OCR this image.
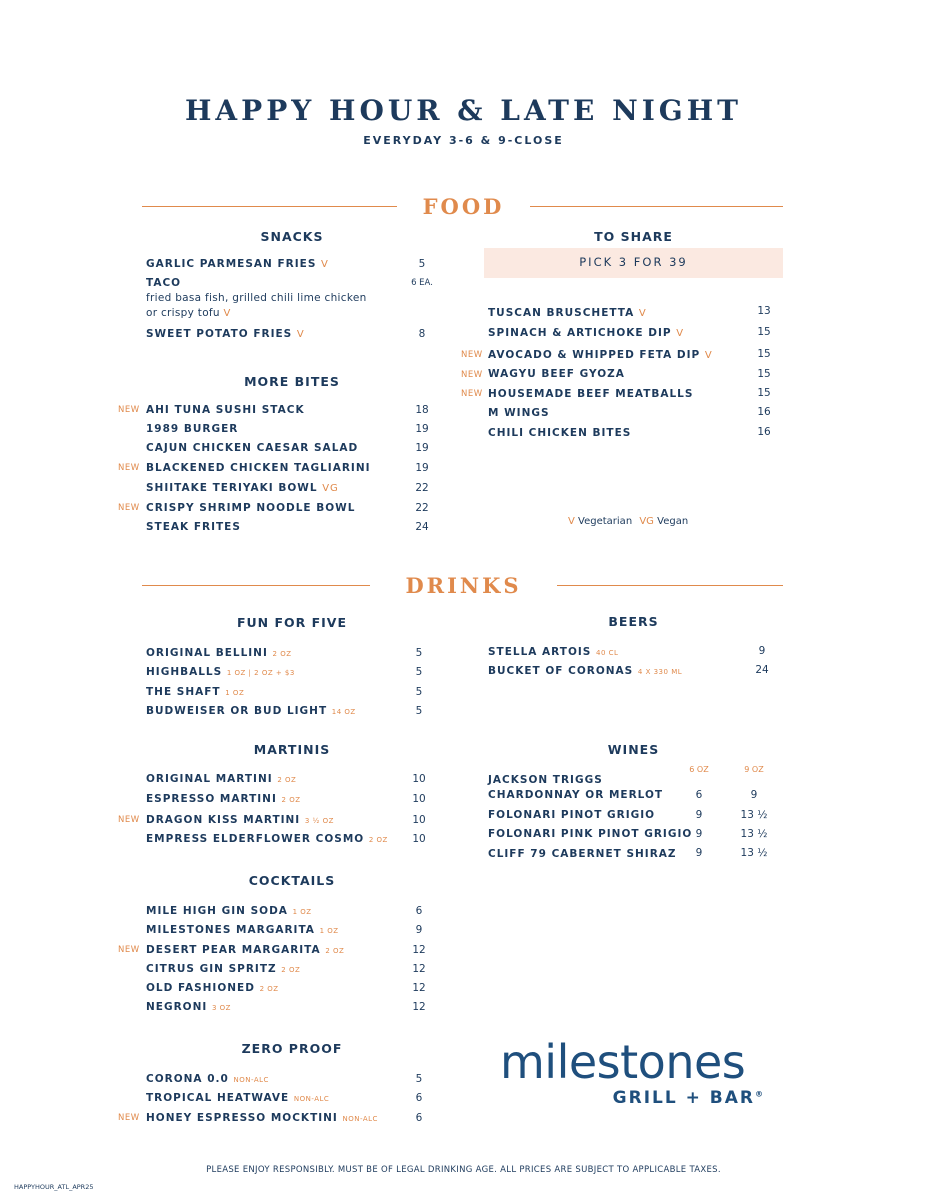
HAPPY HOUR & LATE NIGHT
EVERYDAY 3-6 & 9-CLOSE
FOOD
SNACKS
GARLIC PARMESAN FRIES V	5
TACO	6 EA.
fried basa fish, grilled chili lime chicken
or crispy tofu V
SWEET POTATO FRIES V	8
MORE BITES
NEW AHI TUNA SUSHI STACK	18
1989 BURGER	19
CAJUN CHICKEN CAESAR SALAD	19
NEW BLACKENED CHICKEN TAGLIARINI	19
SHIITAKE TERIYAKI BOWL VG	22
NEW CRISPY SHRIMP NOODLE BOWL	22
STEAK FRITES	24
TO SHARE
PICK 3 FOR 39
TUSCAN BRUSCHETTA V	13
SPINACH & ARTICHOKE DIP V	15
NEW AVOCADO & WHIPPED FETA DIP V	15
NEW WAGYU BEEF GYOZA	15
NEW HOUSEMADE BEEF MEATBALLS	15
M WINGS	16
CHILI CHICKEN BITES	16
V Vegetarian VG Vegan
DRINKS
FUN FOR FIVE
ORIGINAL BELLINI 2 OZ	5
HIGHBALLS 1 OZ | 2 OZ + $3	5
THE SHAFT 1 OZ	5
BUDWEISER OR BUD LIGHT 14 OZ	5
MARTINIS
ORIGINAL MARTINI 2 OZ	10
ESPRESSO MARTINI 2 OZ	10
NEW DRAGON KISS MARTINI 3 ½ OZ	10
EMPRESS ELDERFLOWER COSMO 2 OZ	10
COCKTAILS
MILE HIGH GIN SODA 1 OZ	6
MILESTONES MARGARITA 1 OZ	9
NEW DESERT PEAR MARGARITA 2 OZ	12
CITRUS GIN SPRITZ 2 OZ	12
OLD FASHIONED 2 OZ	12
NEGRONI 3 OZ	12
ZERO PROOF
CORONA 0.0 NON-ALC	5
TROPICAL HEATWAVE NON-ALC	6
NEW HONEY ESPRESSO MOCKTINI NON-ALC	6
BEERS
STELLA ARTOIS 40 CL	9
BUCKET OF CORONAS 4 X 330 ML	24
WINES
6 OZ	9 OZ
JACKSON TRIGGS
CHARDONNAY OR MERLOT	6	9
FOLONARI PINOT GRIGIO	9	13 ½
FOLONARI PINK PINOT GRIGIO 9	13 ½
CLIFF 79 CABERNET SHIRAZ	9	13 ½
milestones
GRILL + BAR®
PLEASE ENJOY RESPONSIBLY. MUST BE OF LEGAL DRINKING AGE. ALL PRICES ARE SUBJECT TO APPLICABLE TAXES.
HAPPYHOUR_ATL_APR25
